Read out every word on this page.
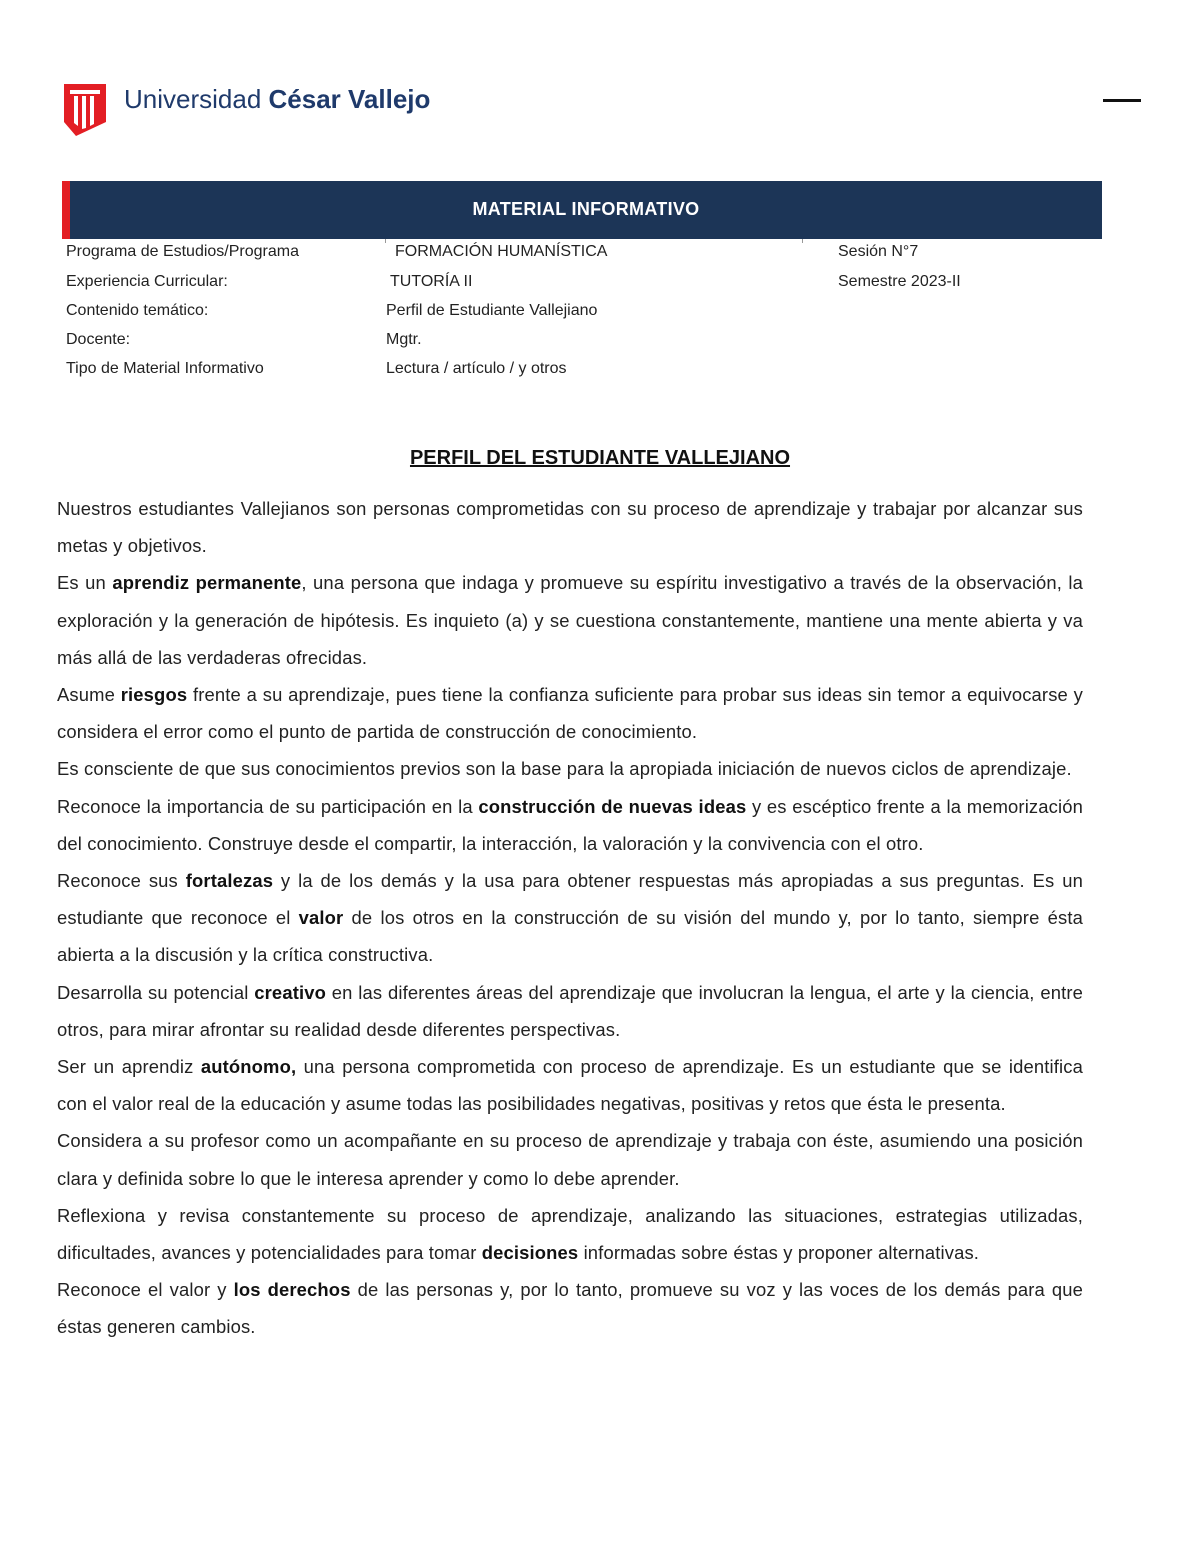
Universidad César Vallejo
MATERIAL INFORMATIVO
Programa de Estudios/Programa	FORMACIÓN HUMANÍSTICA	Sesión N°7
Experiencia Curricular:	TUTORÍA II	Semestre 2023-II
Contenido temático:	Perfil de Estudiante Vallejiano
Docente:	Mgtr.
Tipo de Material Informativo	Lectura / artículo / y otros
PERFIL DEL ESTUDIANTE VALLEJIANO

Nuestros estudiantes Vallejianos son personas comprometidas con su proceso de aprendizaje y trabajar por alcanzar sus metas y objetivos.

Es un aprendiz permanente, una persona que indaga y promueve su espíritu investigativo a través de la observación, la exploración y la generación de hipótesis. Es inquieto (a) y se cuestiona constantemente, mantiene una mente abierta y va más allá de las verdaderas ofrecidas.

Asume riesgos frente a su aprendizaje, pues tiene la confianza suficiente para probar sus ideas sin temor a equivocarse y considera el error como el punto de partida de construcción de conocimiento.

Es consciente de que sus conocimientos previos son la base para la apropiada iniciación de nuevos ciclos de aprendizaje.

Reconoce la importancia de su participación en la construcción de nuevas ideas y es escéptico frente a la memorización del conocimiento. Construye desde el compartir, la interacción, la valoración y la convivencia con el otro.

Reconoce sus fortalezas y la de los demás y la usa para obtener respuestas más apropiadas a sus preguntas. Es un estudiante que reconoce el valor de los otros en la construcción de su visión del mundo y, por lo tanto, siempre ésta abierta a la discusión y la crítica constructiva.

Desarrolla su potencial creativo en las diferentes áreas del aprendizaje que involucran la lengua, el arte y la ciencia, entre otros, para mirar afrontar su realidad desde diferentes perspectivas.

Ser un aprendiz autónomo, una persona comprometida con proceso de aprendizaje. Es un estudiante que se identifica con el valor real de la educación y asume todas las posibilidades negativas, positivas y retos que ésta le presenta.

Considera a su profesor como un acompañante en su proceso de aprendizaje y trabaja con éste, asumiendo una posición clara y definida sobre lo que le interesa aprender y como lo debe aprender.

Reflexiona y revisa constantemente su proceso de aprendizaje, analizando las situaciones, estrategias utilizadas, dificultades, avances y potencialidades para tomar decisiones informadas sobre éstas y proponer alternativas.

Reconoce el valor y los derechos de las personas y, por lo tanto, promueve su voz y las voces de los demás para que éstas generen cambios.
